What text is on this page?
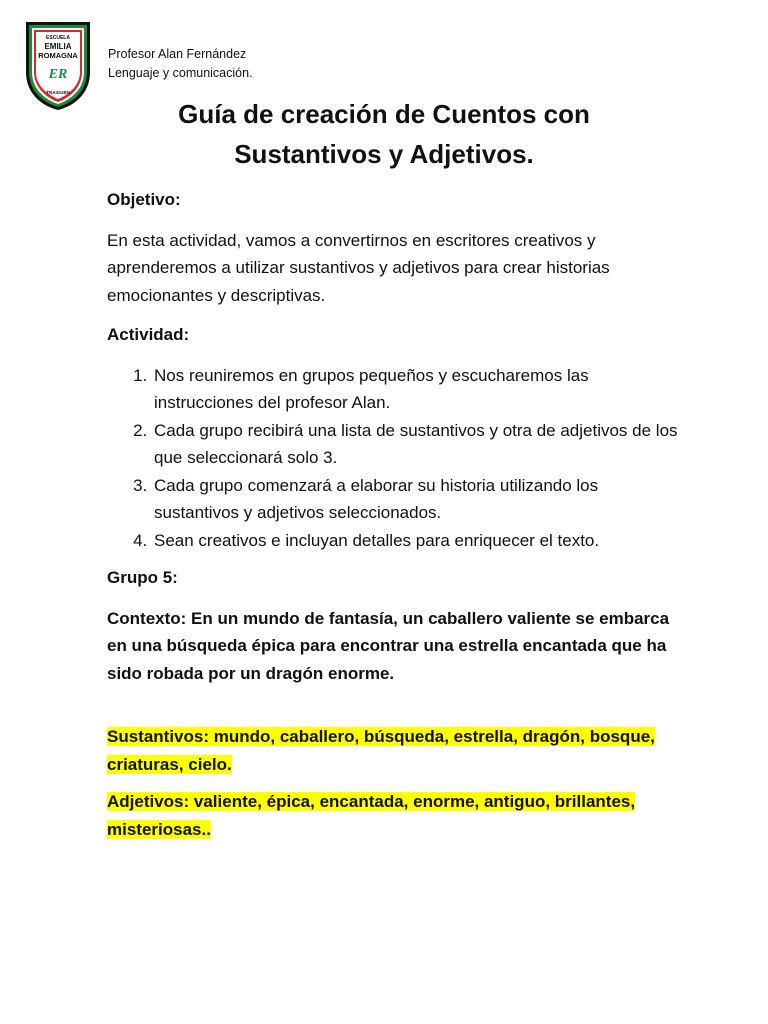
ESCUELA
EMILIA
ROMAGNA
ER
TRAIGUÉN
Profesor Alan Fernández
Lenguaje y comunicación.
Guía de creación de Cuentos con
Sustantivos y Adjetivos.
Objetivo:
En esta actividad, vamos a convertirnos en escritores creativos y aprenderemos a utilizar sustantivos y adjetivos para crear historias emocionantes y descriptivas.
Actividad:
1. Nos reuniremos en grupos pequeños y escucharemos las instrucciones del profesor Alan.
2. Cada grupo recibirá una lista de sustantivos y otra de adjetivos de los que seleccionará solo 3.
3. Cada grupo comenzará a elaborar su historia utilizando los sustantivos y adjetivos seleccionados.
4. Sean creativos e incluyan detalles para enriquecer el texto.
Grupo 5:
Contexto: En un mundo de fantasía, un caballero valiente se embarca en una búsqueda épica para encontrar una estrella encantada que ha sido robada por un dragón enorme.
Sustantivos: mundo, caballero, búsqueda, estrella, dragón, bosque, criaturas, cielo.
Adjetivos: valiente, épica, encantada, enorme, antiguo, brillantes, misteriosas..
